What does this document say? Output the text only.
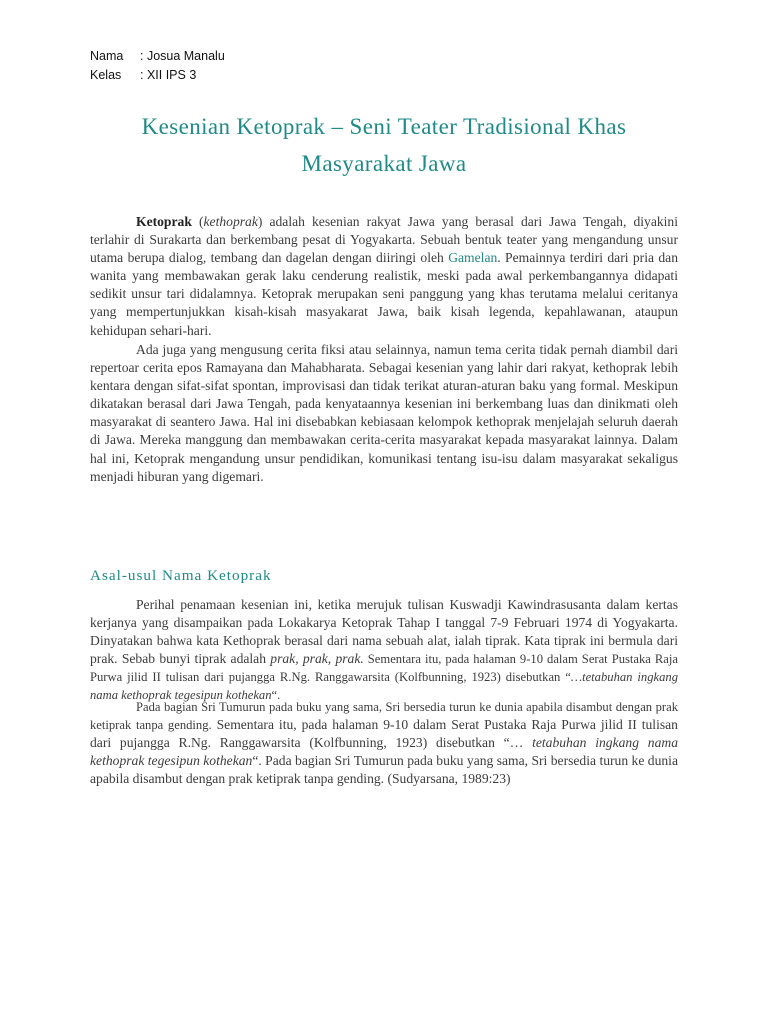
Nama	: Josua Manalu
Kelas	: XII IPS 3
Kesenian Ketoprak – Seni Teater Tradisional Khas
Masyarakat Jawa

Ketoprak (kethoprak) adalah kesenian rakyat Jawa yang berasal dari Jawa Tengah, diyakini terlahir di Surakarta dan berkembang pesat di Yogyakarta. Sebuah bentuk teater yang mengandung unsur utama berupa dialog, tembang dan dagelan dengan diiringi oleh Gamelan. Pemainnya terdiri dari pria dan wanita yang membawakan gerak laku cenderung realistik, meski pada awal perkembangannya didapati sedikit unsur tari didalamnya. Ketoprak merupakan seni panggung yang khas terutama melalui ceritanya yang mempertunjukkan kisah-kisah masyakarat Jawa, baik kisah legenda, kepahlawanan, ataupun kehidupan sehari-hari.

Ada juga yang mengusung cerita fiksi atau selainnya, namun tema cerita tidak pernah diambil dari repertoar cerita epos Ramayana dan Mahabharata. Sebagai kesenian yang lahir dari rakyat, kethoprak lebih kentara dengan sifat-sifat spontan, improvisasi dan tidak terikat aturan-aturan baku yang formal. Meskipun dikatakan berasal dari Jawa Tengah, pada kenyataannya kesenian ini berkembang luas dan dinikmati oleh masyarakat di seantero Jawa. Hal ini disebabkan kebiasaan kelompok kethoprak menjelajah seluruh daerah di Jawa. Mereka manggung dan membawakan cerita-cerita masyarakat kepada masyarakat lainnya. Dalam hal ini, Ketoprak mengandung unsur pendidikan, komunikasi tentang isu-isu dalam masyarakat sekaligus menjadi hiburan yang digemari.

Asal-usul Nama Ketoprak

Perihal penamaan kesenian ini, ketika merujuk tulisan Kuswadji Kawindrasusanta dalam kertas kerjanya yang disampaikan pada Lokakarya Ketoprak Tahap I tanggal 7-9 Februari 1974 di Yogyakarta. Dinyatakan bahwa kata Kethoprak berasal dari nama sebuah alat, ialah tiprak. Kata tiprak ini bermula dari prak. Sebab bunyi tiprak adalah prak, prak, prak. Sementara itu, pada halaman 9-10 dalam Serat Pustaka Raja Purwa jilid II tulisan dari pujangga R.Ng. Ranggawarsita (Kolfbunning, 1923) disebutkan “…tetabuhan ingkang nama kethoprak tegesipun kothekan“.

Pada bagian Sri Tumurun pada buku yang sama, Sri bersedia turun ke dunia apabila disambut dengan prak ketiprak tanpa gending. Sementara itu, pada halaman 9-10 dalam Serat Pustaka Raja Purwa jilid II tulisan dari pujangga R.Ng. Ranggawarsita (Kolfbunning, 1923) disebutkan “… tetabuhan ingkang nama kethoprak tegesipun kothekan“. Pada bagian Sri Tumurun pada buku yang sama, Sri bersedia turun ke dunia apabila disambut dengan prak ketiprak tanpa gending. (Sudyarsana, 1989:23)
